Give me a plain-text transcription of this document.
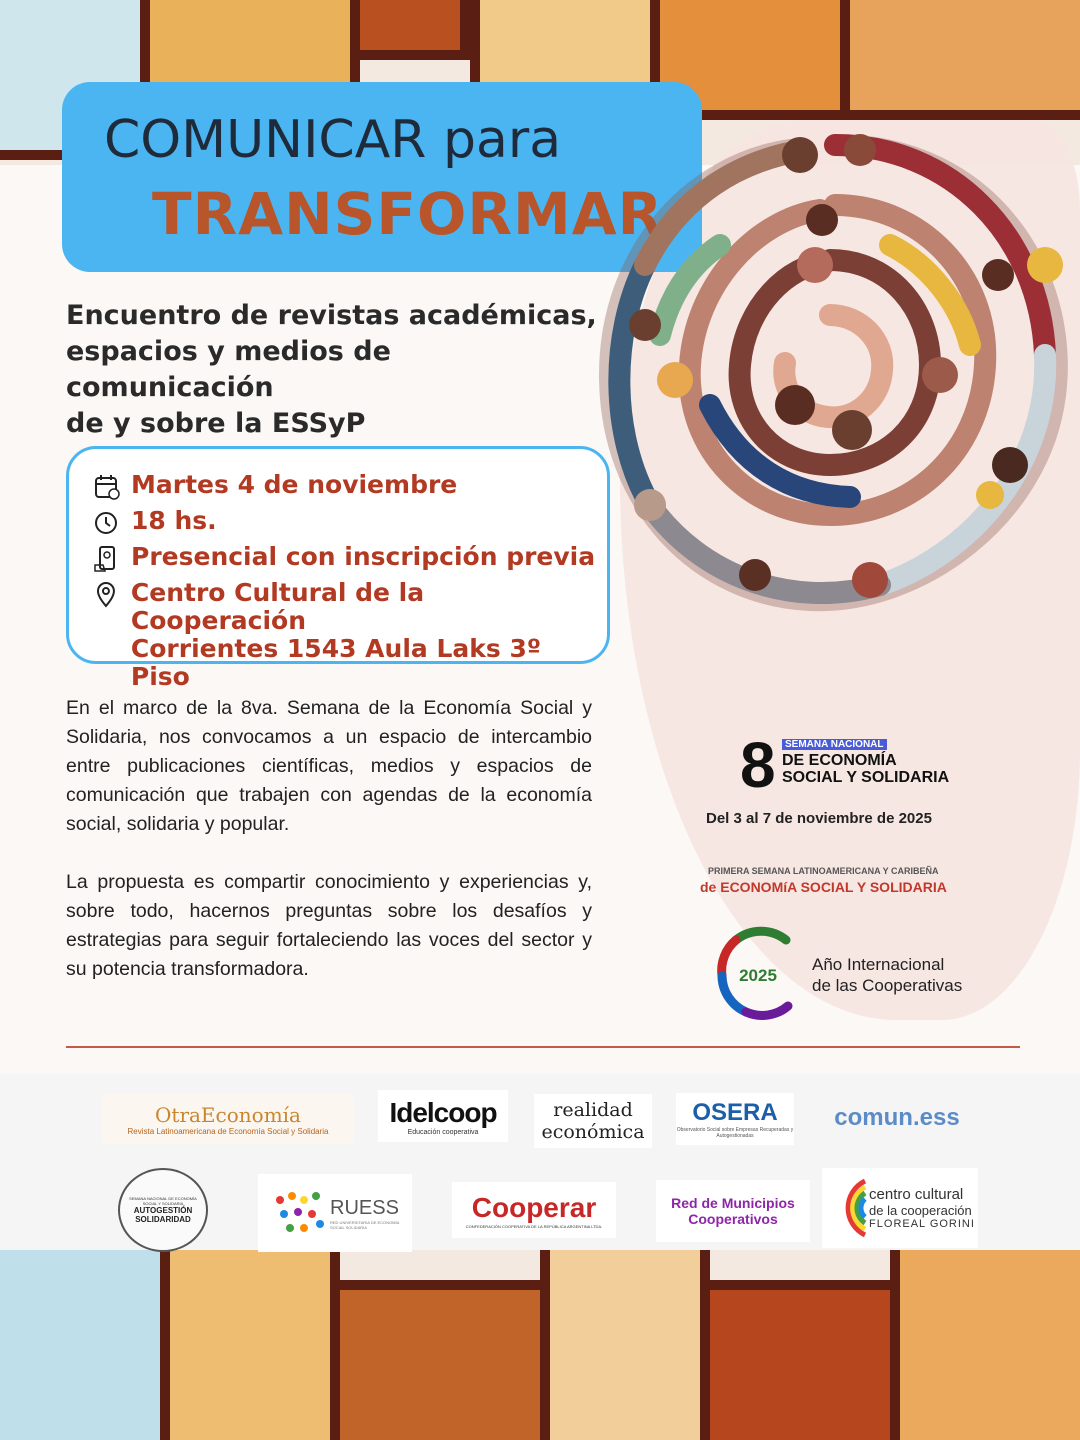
COMUNICAR para
TRANSFORMAR
Encuentro de revistas académicas,
espacios y medios de comunicación
de y sobre la ESSyP
Martes 4 de noviembre
18 hs.
Presencial con inscripción previa
Centro Cultural de la Cooperación
Corrientes 1543 Aula Laks 3º Piso

En el marco de la 8va. Semana de la Economía Social y Solidaria, nos convocamos a un espacio de intercambio entre publicaciones científicas, medios y espacios de comunicación que trabajen con agendas de la economía social, solidaria y popular.

La propuesta es compartir conocimiento y experiencias y, sobre todo, hacernos preguntas sobre los desafíos y estrategias para seguir fortaleciendo las voces del sector y su potencia transformadora.

8 SEMANA NACIONAL
DE ECONOMÍA
SOCIAL Y SOLIDARIA
Del 3 al 7 de noviembre de 2025
PRIMERA SEMANA LATINOAMERICANA Y CARIBEÑA
de ECONOMíA SOCIAL Y SOLIDARIA
2025
Año Internacional
de las Cooperativas
OtraEconomía
Revista Latinoamericana de Economía Social y Solidaria
Idelcoop
Educación cooperativa
realidad
económica
OSERA
Observatorio Social sobre Empresas Recuperadas y Autogestionadas
comun.ess
SEMANA NACIONAL DE ECONOMÍA SOCIAL Y SOLIDARIA
AUTOGESTIÓN SOLIDARIDAD
RUESS
RED UNIVERSITARIA DE ECONOMÍA SOCIAL SOLIDARIA
Cooperar
CONFEDERACIÓN COOPERATIVA DE LA REPÚBLICA ARGENTINA LTDA.
Red de Municipios
Cooperativos
centro cultural
de la cooperación
FLOREAL GORINI
